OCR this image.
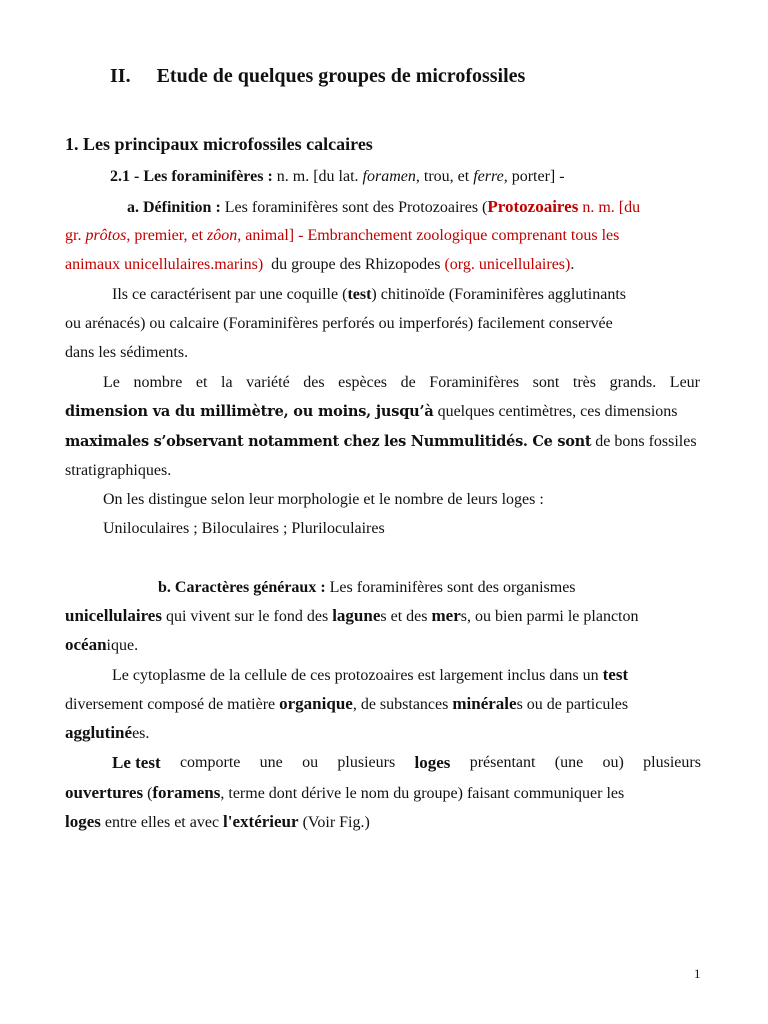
II. Etude de quelques groupes de microfossiles
1. Les principaux microfossiles calcaires
2.1 - Les foraminifères : n. m. [du lat. foramen, trou, et ferre, porter] -
a. Définition : Les foraminifères sont des Protozoaires (Protozoaires n. m. [du
gr. prôtos, premier, et zôon, animal] - Embranchement zoologique comprenant tous les
animaux unicellulaires.marins)  du groupe des Rhizopodes (org. unicellulaires).
Ils ce caractérisent par une coquille (test) chitinoïde (Foraminifères agglutinants
ou arénacés) ou calcaire (Foraminifères perforés ou imperforés) facilement conservée
dans les sédiments.
Le nombre et la variété des espèces de Foraminifères sont très grands. Leur
dimension va du millimètre, ou moins, jusqu’à quelques centimètres, ces dimensions
maximales s’observant notamment chez les Nummulitidés. Ce sont de bons fossiles
stratigraphiques.
On les distingue selon leur morphologie et le nombre de leurs loges :
Uniloculaires ; Biloculaires ; Pluriloculaires
b. Caractères généraux : Les foraminifères sont des organismes
unicellulaires qui vivent sur le fond des lagunes et des mers, ou bien parmi le plancton
océanique.
Le cytoplasme de la cellule de ces protozoaires est largement inclus dans un test
diversement composé de matière organique, de substances minérales ou de particules
agglutinées.
Le test comporte une ou plusieurs loges présentant (une ou) plusieurs
ouvertures (foramens, terme dont dérive le nom du groupe) faisant communiquer les
loges entre elles et avec l'extérieur (Voir Fig.)
1
